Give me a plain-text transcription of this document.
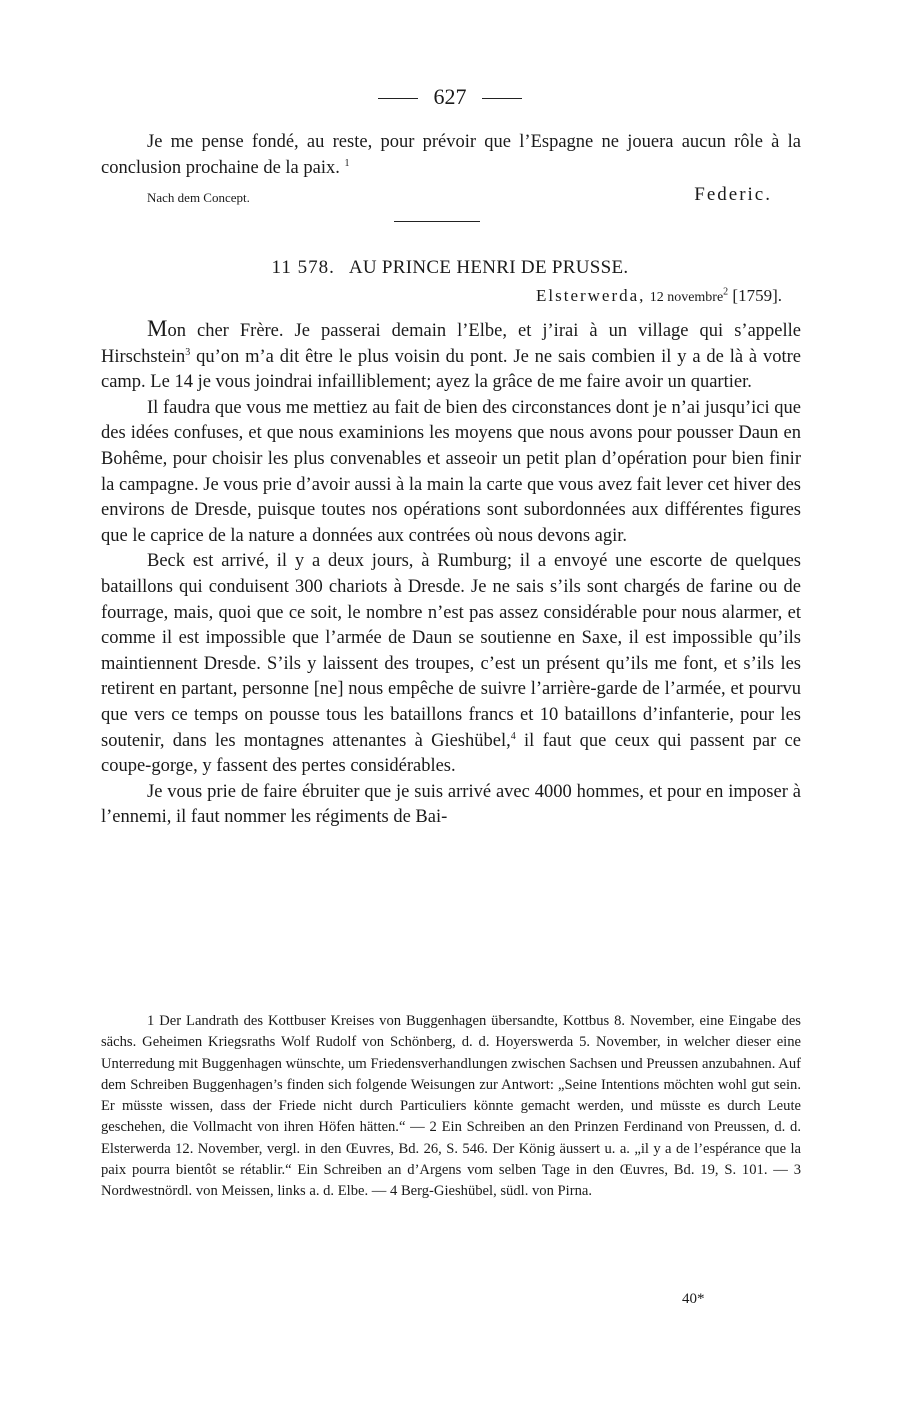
627

Je me pense fondé, au reste, pour prévoir que l’Espagne ne jouera aucun rôle à la conclusion prochaine de la paix. $^1$

Nach dem Concept.	Federic.
11 578. AU PRINCE HENRI DE PRUSSE.
Elsterwerda, 12 novembre$^2$ [1759].

Mon cher Frère. Je passerai demain l’Elbe, et j’irai à un village qui s’appelle Hirschstein$^3$ qu’on m’a dit être le plus voisin du pont. Je ne sais combien il y a de là à votre camp. Le 14 je vous joindrai infailliblement; ayez la grâce de me faire avoir un quartier.

Il faudra que vous me mettiez au fait de bien des circonstances dont je n’ai jusqu’ici que des idées confuses, et que nous examinions les moyens que nous avons pour pousser Daun en Bohême, pour choisir les plus convenables et asseoir un petit plan d’opération pour bien finir la campagne. Je vous prie d’avoir aussi à la main la carte que vous avez fait lever cet hiver des environs de Dresde, puisque toutes nos opérations sont subordonnées aux différentes figures que le caprice de la nature a données aux contrées où nous devons agir.

Beck est arrivé, il y a deux jours, à Rumburg; il a envoyé une escorte de quelques bataillons qui conduisent 300 chariots à Dresde. Je ne sais s’ils sont chargés de farine ou de fourrage, mais, quoi que ce soit, le nombre n’est pas assez considérable pour nous alarmer, et comme il est impossible que l’armée de Daun se soutienne en Saxe, il est impossible qu’ils maintiennent Dresde. S’ils y laissent des troupes, c’est un présent qu’ils me font, et s’ils les retirent en partant, personne [ne] nous empêche de suivre l’arrière-garde de l’armée, et pourvu que vers ce temps on pousse tous les bataillons francs et 10 bataillons d’infanterie, pour les soutenir, dans les montagnes attenantes à Gieshübel,$^4$ il faut que ceux qui passent par ce coupe-gorge, y fassent des pertes considérables.

Je vous prie de faire ébruiter que je suis arrivé avec 4000 hommes, et pour en imposer à l’ennemi, il faut nommer les régiments de Bai-

1 Der Landrath des Kottbuser Kreises von Buggenhagen übersandte, Kottbus 8. November, eine Eingabe des sächs. Geheimen Kriegsraths Wolf Rudolf von Schönberg, d. d. Hoyerswerda 5. November, in welcher dieser eine Unterredung mit Buggenhagen wünschte, um Friedensverhandlungen zwischen Sachsen und Preussen anzubahnen. Auf dem Schreiben Buggenhagen’s finden sich folgende Weisungen zur Antwort: „Seine Intentions möchten wohl gut sein. Er müsste wissen, dass der Friede nicht durch Particuliers könnte gemacht werden, und müsste es durch Leute geschehen, die Vollmacht von ihren Höfen hätten.“ — 2 Ein Schreiben an den Prinzen Ferdinand von Preussen, d. d. Elsterwerda 12. November, vergl. in den Œuvres, Bd. 26, S. 546. Der König äussert u. a. „il y a de l’espérance que la paix pourra bientôt se rétablir.“ Ein Schreiben an d’Argens vom selben Tage in den Œuvres, Bd. 19, S. 101. — 3 Nordwestnördl. von Meissen, links a. d. Elbe. — 4 Berg-Gieshübel, südl. von Pirna.

40*
